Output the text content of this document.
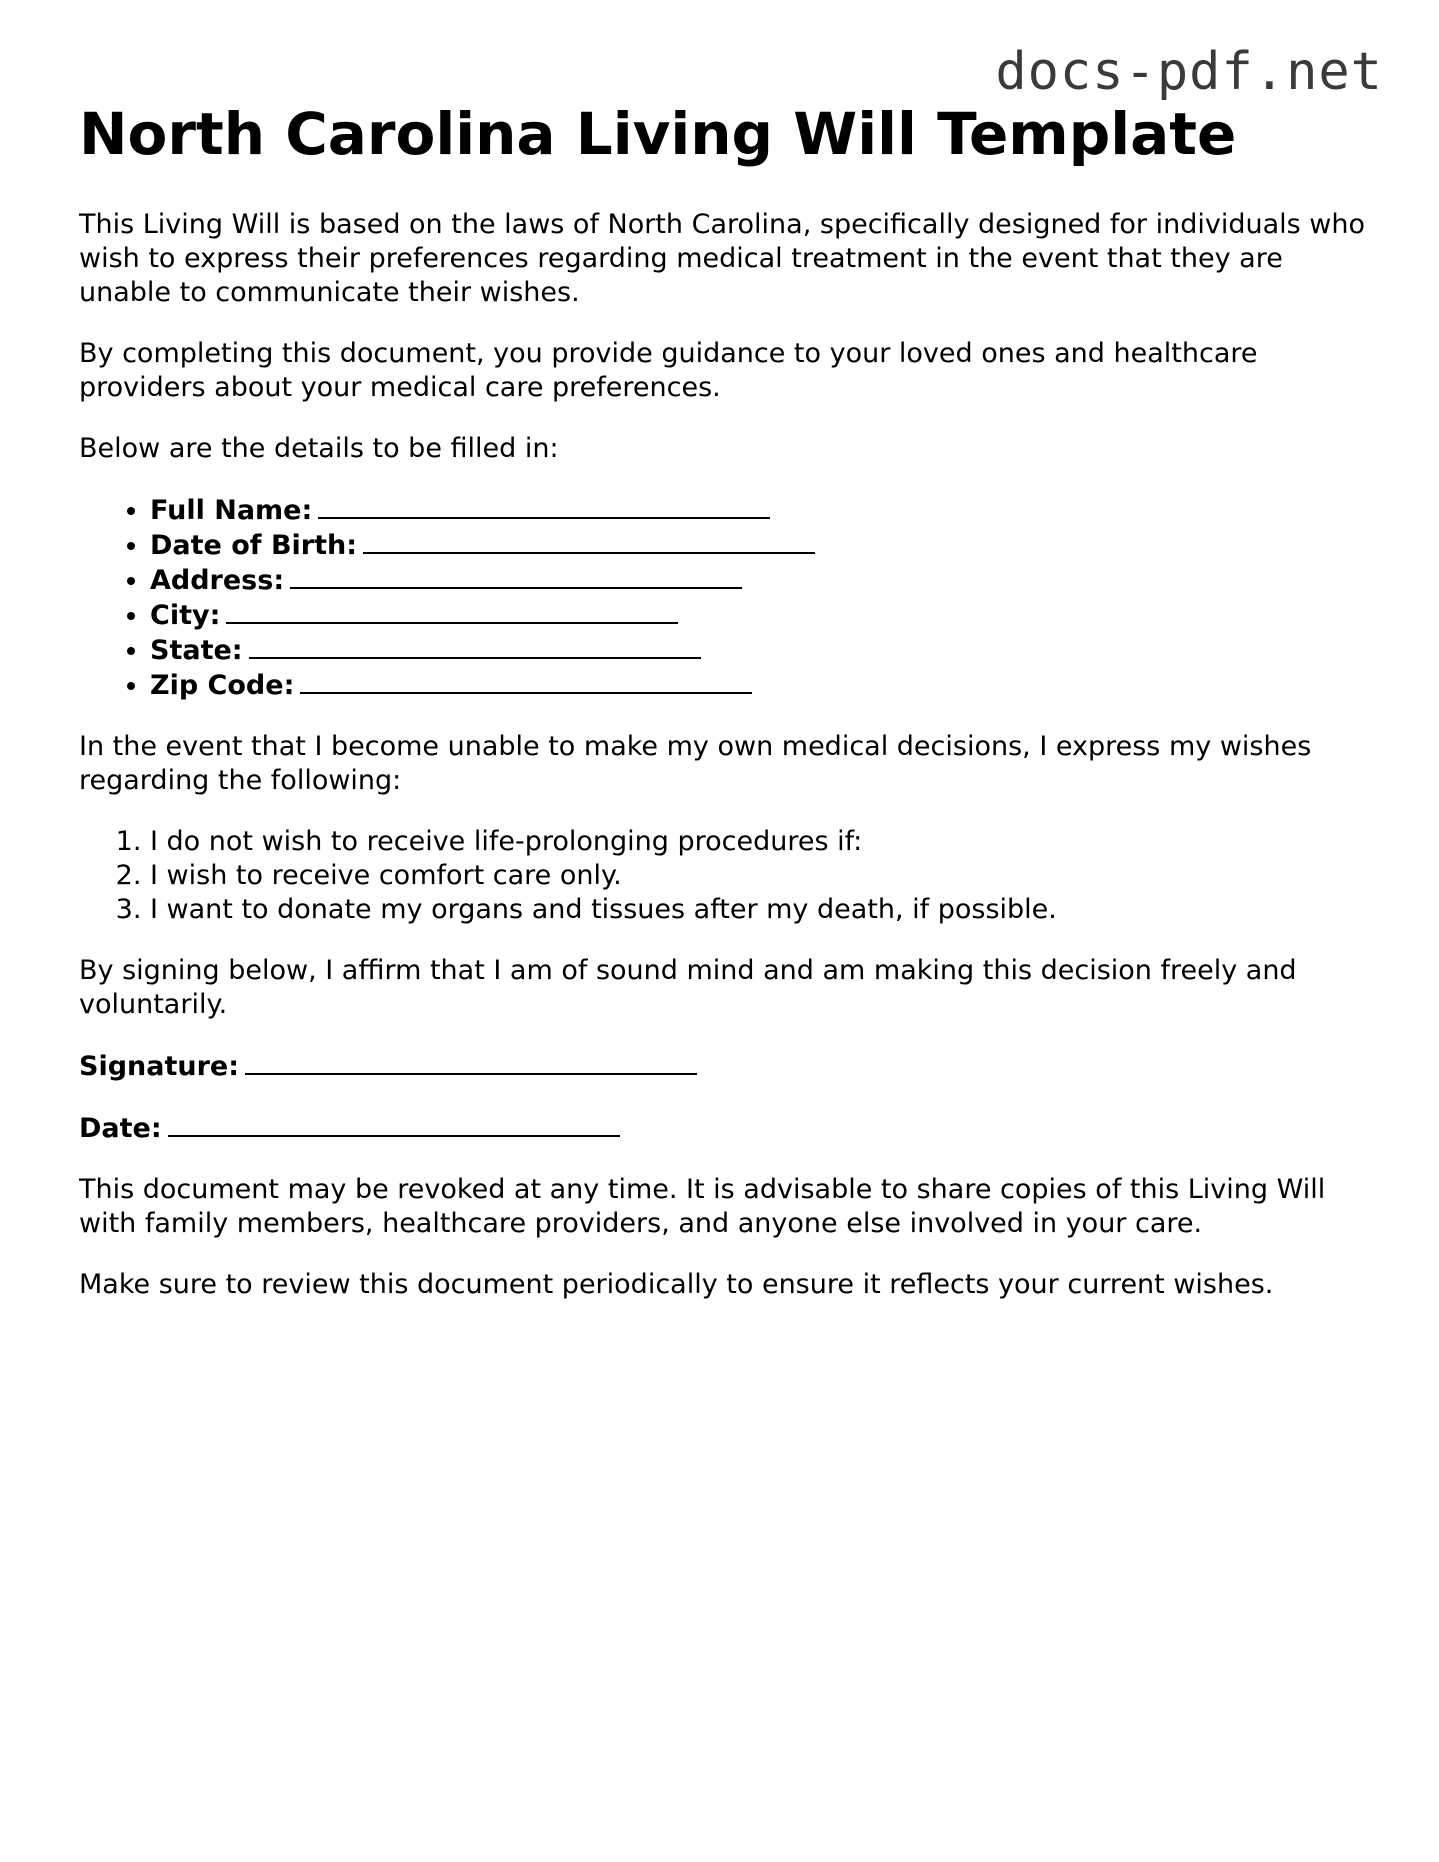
docs-pdf.net
North Carolina Living Will Template

This Living Will is based on the laws of North Carolina, specifically designed for individuals who wish to express their preferences regarding medical treatment in the event that they are unable to communicate their wishes.

By completing this document, you provide guidance to your loved ones and healthcare providers about your medical care preferences.

Below are the details to be filled in:

• Full Name:
• Date of Birth:
• Address:
• City:
• State:
• Zip Code:

In the event that I become unable to make my own medical decisions, I express my wishes regarding the following:

1. I do not wish to receive life-prolonging procedures if:
2. I wish to receive comfort care only.
3. I want to donate my organs and tissues after my death, if possible.

By signing below, I affirm that I am of sound mind and am making this decision freely and voluntarily.

Signature:
Date:

This document may be revoked at any time. It is advisable to share copies of this Living Will with family members, healthcare providers, and anyone else involved in your care.

Make sure to review this document periodically to ensure it reflects your current wishes.
